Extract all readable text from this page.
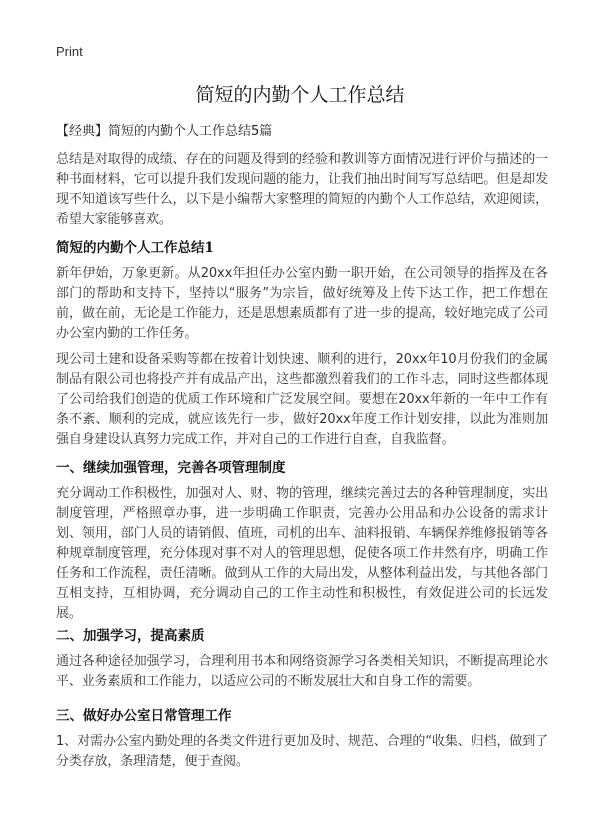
Print

简短的内勤个人工作总结

【经典】简短的内勤个人工作总结5篇

总结是对取得的成绩、存在的问题及得到的经验和教训等方面情况进行评价与描述的一种书面材料，它可以提升我们发现问题的能力，让我们抽出时间写写总结吧。但是却发现不知道该写些什么，以下是小编帮大家整理的简短的内勤个人工作总结，欢迎阅读，希望大家能够喜欢。

简短的内勤个人工作总结1

新年伊始，万象更新。从20xx年担任办公室内勤一职开始，在公司领导的指挥及在各部门的帮助和支持下，坚持以“服务”为宗旨，做好统筹及上传下达工作，把工作想在前，做在前，无论是工作能力，还是思想素质都有了进一步的提高，较好地完成了公司办公室内勤的工作任务。

现公司土建和设备采购等都在按着计划快速、顺利的进行，20xx年10月份我们的金属制品有限公司也将投产并有成品产出，这些都激烈着我们的工作斗志，同时这些都体现了公司给我们创造的优质工作环境和广泛发展空间。要想在20xx年新的一年中工作有条不紊、顺利的完成，就应该先行一步，做好20xx年度工作计划安排，以此为准则加强自身建设认真努力完成工作，并对自己的工作进行自查，自我监督。

一、继续加强管理，完善各项管理制度

充分调动工作积极性，加强对人、财、物的管理，继续完善过去的各种管理制度，实出制度管理，严格照章办事，进一步明确工作职责，完善办公用品和办公设备的需求计划、领用，部门人员的请销假、值班，司机的出车、油料报销、车辆保养维修报销等各种规章制度管理，充分体现对事不对人的管理思想，促使各项工作井然有序，明确工作任务和工作流程，责任清晰。做到从工作的大局出发，从整体利益出发，与其他各部门互相支持，互相协调，充分调动自己的工作主动性和积极性，有效促进公司的长远发展。

二、加强学习，提高素质

通过各种途径加强学习，合理利用书本和网络资源学习各类相关知识，不断提高理论水平、业务素质和工作能力，以适应公司的不断发展壮大和自身工作的需要。

三、做好办公室日常管理工作

1、对需办公室内勤处理的各类文件进行更加及时、规范、合理的“收集、归档，做到了分类存放，条理清楚，便于查阅。
